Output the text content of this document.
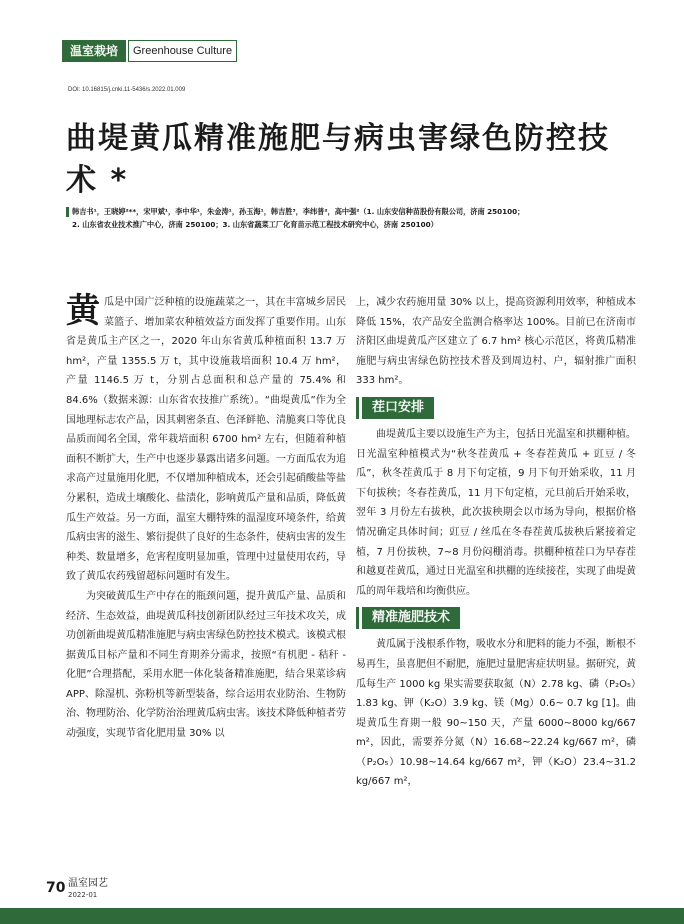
温室栽培	Greenhouse Culture
DOI: 10.16815/j.cnki.11-5436/s.2022.01.009
曲堤黄瓜精准施肥与病虫害绿色防控技术 *
韩吉书¹，王晓婷²**，宋甲斌¹，李中华¹，朱金涛¹，孙玉海¹，韩吉胜³，李纬普²，高中强²（1. 山东安信种苗股份有限公司，济南 250100；
2. 山东省农业技术推广中心，济南 250100；3. 山东省蔬菜工厂化育苗示范工程技术研究中心，济南 250100）

黄瓜是中国广泛种植的设施蔬菜之一，其在丰富城乡居民菜篮子、增加菜农种植效益方面发挥了重要作用。山东省是黄瓜主产区之一，2020 年山东省黄瓜种植面积 13.7 万 hm²，产量 1355.5 万 t，其中设施栽培面积 10.4 万 hm²，产量 1146.5 万 t，分别占总面积和总产量的 75.4% 和 84.6%（数据来源：山东省农技推广系统）。“曲堤黄瓜”作为全国地理标志农产品，因其刺密条直、色泽鲜艳、清脆爽口等优良品质而闻名全国，常年栽培面积 6700 hm² 左右，但随着种植面积不断扩大，生产中也逐步暴露出诸多问题。一方面瓜农为追求高产过量施用化肥，不仅增加种植成本，还会引起硝酸盐等盐分累积，造成土壤酸化、盐渍化，影响黄瓜产量和品质，降低黄瓜生产效益。另一方面，温室大棚特殊的温湿度环境条件，给黄瓜病虫害的滋生、繁衍提供了良好的生态条件，使病虫害的发生种类、数量增多，危害程度明显加重，管理中过量使用农药，导致了黄瓜农药残留超标问题时有发生。

为突破黄瓜生产中存在的瓶颈问题，提升黄瓜产量、品质和经济、生态效益，曲堤黄瓜科技创新团队经过三年技术攻关，成功创新曲堤黄瓜精准施肥与病虫害绿色防控技术模式。该模式根据黄瓜目标产量和不同生育期养分需求，按照“有机肥 - 秸秆 - 化肥”合理搭配，采用水肥一体化装备精准施肥，结合果菜诊病 APP、除湿机、弥粉机等新型装备，综合运用农业防治、生物防治、物理防治、化学防治治理黄瓜病虫害。该技术降低种植者劳动强度，实现节省化肥用量 30% 以

上，减少农药施用量 30% 以上，提高资源利用效率，种植成本降低 15%，农产品安全监测合格率达 100%。目前已在济南市济阳区曲堤黄瓜产区建立了 6.7 hm² 核心示范区，将黄瓜精准施肥与病虫害绿色防控技术普及到周边村、户，辐射推广面积 333 hm²。

茬口安排

曲堤黄瓜主要以设施生产为主，包括日光温室和拱棚种植。日光温室种植模式为“秋冬茬黄瓜 + 冬春茬黄瓜 + 豇豆 / 冬瓜”，秋冬茬黄瓜于 8 月下旬定植，9 月下旬开始采收，11 月下旬拔秧；冬春茬黄瓜，11 月下旬定植，元旦前后开始采收，翌年 3 月份左右拔秧，此次拔秧期会以市场为导向，根据价格情况确定具体时间；豇豆 / 丝瓜在冬春茬黄瓜拔秧后紧接着定植，7 月份拔秧，7~8 月份闷棚消毒。拱棚种植茬口为早春茬和越夏茬黄瓜，通过日光温室和拱棚的连续接茬，实现了曲堤黄瓜的周年栽培和均衡供应。

精准施肥技术

黄瓜属于浅根系作物，吸收水分和肥料的能力不强，断根不易再生，虽喜肥但不耐肥，施肥过量肥害症状明显。据研究，黄瓜每生产 1000 kg 果实需要获取氮（N）2.78 kg、磷（P₂O₅）1.83 kg、钾（K₂O）3.9 kg、镁（Mg）0.6~ 0.7 kg [1]。曲堤黄瓜生育期一般 90~150 天，产量 6000~8000 kg/667 m²，因此，需要养分氮（N）16.68~22.24 kg/667 m²，磷（P₂O₅）10.98~14.64 kg/667 m²，钾（K₂O）23.4~31.2 kg/667 m²，

70 温室园艺
2022-01
